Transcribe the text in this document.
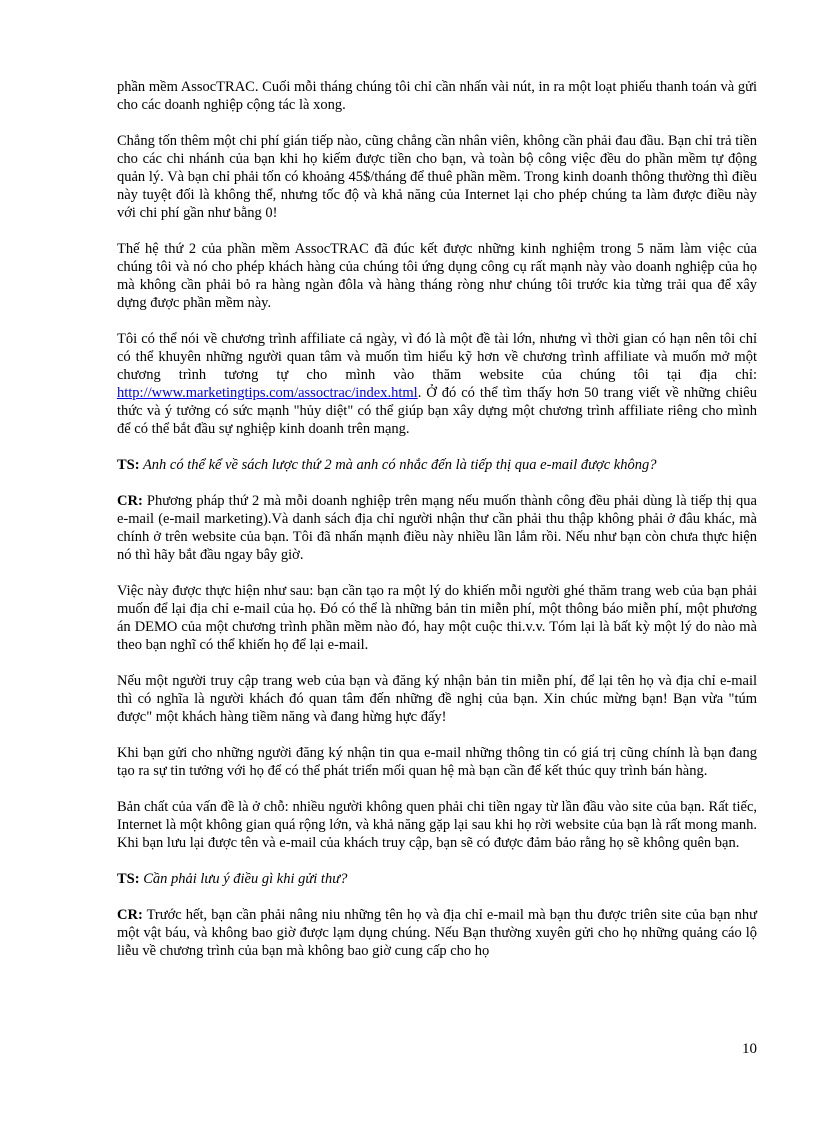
phần mềm AssocTRAC. Cuối mỗi tháng chúng tôi chỉ cần nhấn vài nút, in ra một loạt phiếu thanh toán và gửi cho các doanh nghiệp cộng tác là xong.

Chẳng tốn thêm một chi phí gián tiếp nào, cũng chẳng cần nhân viên, không cần phải đau đầu. Bạn chỉ trả tiền cho các chi nhánh của bạn khi họ kiếm được tiền cho bạn, và toàn bộ công việc đều do phần mềm tự động quản lý. Và bạn chỉ phải tốn có khoảng 45$/tháng để thuê phần mềm. Trong kinh doanh thông thường thì điều này tuyệt đối là không thể, nhưng tốc độ và khả năng của Internet lại cho phép chúng ta làm được điều này với chi phí gần như bằng 0!

Thế hệ thứ 2 của phần mềm AssocTRAC đã đúc kết được những kinh nghiệm trong 5 năm làm việc của chúng tôi và nó cho phép khách hàng của chúng tôi ứng dụng công cụ rất mạnh này vào doanh nghiệp của họ mà không cần phải bỏ ra hàng ngàn đôla và hàng tháng ròng như chúng tôi trước kia từng trải qua để xây dựng được phần mềm này.

Tôi có thể nói về chương trình affiliate cả ngày, vì đó là một đề tài lớn, nhưng vì thời gian có hạn nên tôi chỉ có thể khuyên những người quan tâm và muốn tìm hiểu kỹ hơn về chương trình affiliate và muốn mở một chương trình tương tự cho mình vào thăm website của chúng tôi tại địa chỉ: http://www.marketingtips.com/assoctrac/index.html. Ở đó có thể tìm thấy hơn 50 trang viết về những chiêu thức và ý tưởng có sức mạnh "hủy diệt" có thể giúp bạn xây dựng một chương trình affiliate riêng cho mình để có thể bắt đầu sự nghiệp kinh doanh trên mạng.

TS: Anh có thể kể về sách lược thứ 2 mà anh có nhắc đến là tiếp thị qua e-mail được không?

CR: Phương pháp thứ 2 mà mỗi doanh nghiệp trên mạng nếu muốn thành công đều phải dùng là tiếp thị qua e-mail (e-mail marketing).Và danh sách địa chỉ người nhận thư cần phải thu thập không phải ở đâu khác, mà chính ở trên website của bạn. Tôi đã nhấn mạnh điều này nhiều lần lắm rồi. Nếu như bạn còn chưa thực hiện nó thì hãy bắt đầu ngay bây giờ.

Việc này được thực hiện như sau: bạn cần tạo ra một lý do khiến mỗi người ghé thăm trang web của bạn phải muốn để lại địa chỉ e-mail của họ. Đó có thể là những bản tin miễn phí, một thông báo miễn phí, một phương án DEMO của một chương trình phần mềm nào đó, hay một cuộc thi.v.v. Tóm lại là bất kỳ một lý do nào mà theo bạn nghĩ có thể khiến họ để lại e-mail.

Nếu một người truy cập trang web của bạn và đăng ký nhận bản tin miễn phí, để lại tên họ và địa chỉ e-mail thì có nghĩa là người khách đó quan tâm đến những đề nghị của bạn. Xin chúc mừng bạn! Bạn vừa "túm được" một khách hàng tiềm năng và đang hừng hực đấy!

Khi bạn gửi cho những người đăng ký nhận tin qua e-mail những thông tin có giá trị cũng chính là bạn đang tạo ra sự tin tưởng với họ để có thể phát triển mối quan hệ mà bạn cần để kết thúc quy trình bán hàng.

Bản chất của vấn đề là ở chỗ: nhiều người không quen phải chi tiền ngay từ lần đầu vào site của bạn. Rất tiếc, Internet là một không gian quá rộng lớn, và khả năng gặp lại sau khi họ rời website của bạn là rất mong manh. Khi bạn lưu lại được tên và e-mail của khách truy cập, bạn sẽ có được đảm bảo rằng họ sẽ không quên bạn.

TS: Cần phải lưu ý điều gì khi gửi thư?

CR: Trước hết, bạn cần phải nâng niu những tên họ và địa chỉ e-mail mà bạn thu được triên site của bạn như một vật báu, và không bao giờ được lạm dụng chúng. Nếu Bạn thường xuyên gửi cho họ những quảng cáo lộ liễu về chương trình của bạn mà không bao giờ cung cấp cho họ

10
